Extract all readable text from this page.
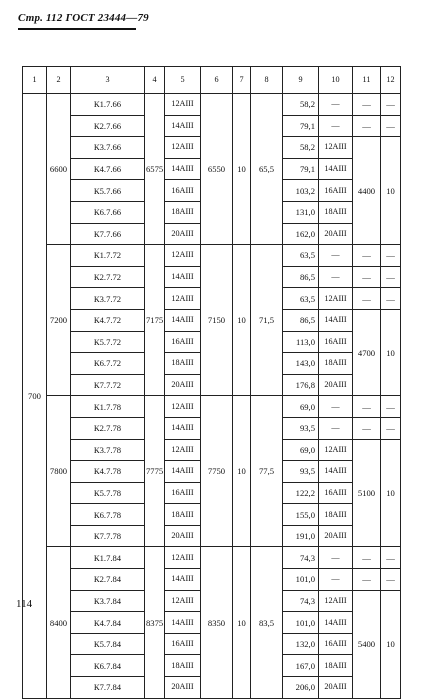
Стр. 112 ГОСТ 23444—79
1	2	3	4	5	6	7	8	9	10	11	12
700	6600	К1.7.66	6575	12АIII	6550	10	65,5	58,2	—	—	—
		К2.7.66		14АIII				79,1	—	—	—
		К3.7.66		12АIII				58,2	12АIII	4400	10
		К4.7.66		14АIII				79,1	14АIII		
		К5.7.66		16АIII				103,2	16АIII		
		К6.7.66		18АIII				131,0	18АIII		
		К7.7.66		20АIII				162,0	20АIII		
	7200	К1.7.72	7175	12АIII	7150	10	71,5	63,5	—	—	—
		К2.7.72		14АIII				86,5	—	—	—
		К3.7.72		12АIII				63,5	12АIII	—	—
		К4.7.72		14АIII				86,5	14АIII	4700	10
		К5.7.72		16АIII				113,0	16АIII		
		К6.7.72		18АIII				143,0	18АIII		
		К7.7.72		20АIII				176,8	20АIII		
	7800	К1.7.78	7775	12АIII	7750	10	77,5	69,0	—	—	—
		К2.7.78		14АIII				93,5	—	—	—
		К3.7.78		12АIII				69,0	12АIII	5100	10
		К4.7.78		14АIII				93,5	14АIII		
		К5.7.78		16АIII				122,2	16АIII		
		К6.7.78		18АIII				155,0	18АIII		
		К7.7.78		20АIII				191,0	20АIII		
	8400	К1.7.84	8375	12АIII	8350	10	83,5	74,3	—	—	—
		К2.7.84		14АIII				101,0	—	—	—
		К3.7.84		12АIII				74,3	12АIII	5400	10
		К4.7.84		14АIII				101,0	14АIII		
		К5.7.84		16АIII				132,0	16АIII		
		К6.7.84		18АIII				167,0	18АIII		
		К7.7.84		20АIII				206,0	20АIII		
114
